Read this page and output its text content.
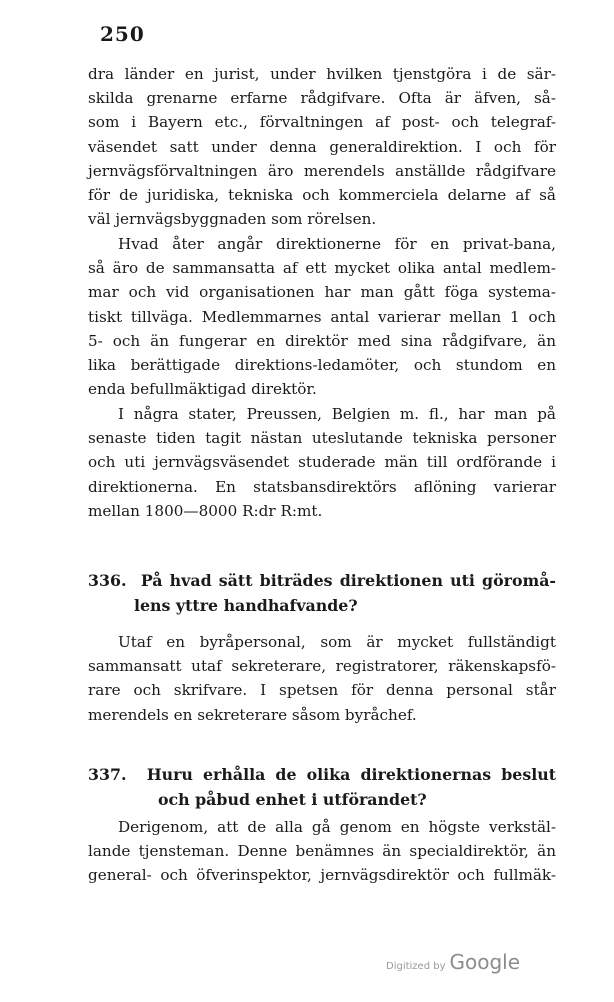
250
dra länder en jurist, under hvilken tjenstgöra i de sär-
skilda grenarne erfarne rådgifvare. Ofta är äfven, så-
som i Bayern etc., förvaltningen af post- och telegraf-
väsendet satt under denna generaldirektion. I och för
jernvägsförvaltningen äro merendels anställde rådgifvare
för de juridiska, tekniska och kommerciela delarne af så
väl jernvägsbyggnaden som rörelsen.
Hvad åter angår direktionerne för en privat-bana,
så äro de sammansatta af ett mycket olika antal medlem-
mar och vid organisationen har man gått föga systema-
tiskt tillväga. Medlemmarnes antal varierar mellan 1 och
5- och än fungerar en direktör med sina rådgifvare, än
lika berättigade direktions-ledamöter, och stundom en
enda befullmäktigad direktör.
I några stater, Preussen, Belgien m. fl., har man på
senaste tiden tagit nästan uteslutande tekniska personer
och uti jernvägsväsendet studerade män till ordförande i
direktionerna. En statsbansdirektörs aflöning varierar
mellan 1800—8000 R:dr R:mt.
336. På hvad sätt biträdes direktionen uti göromå-
lens yttre handhafvande?
Utaf en byråpersonal, som är mycket fullständigt
sammansatt utaf sekreterare, registratorer, räkenskapsfö-
rare och skrifvare. I spetsen för denna personal står
merendels en sekreterare såsom byråchef.
337. Huru erhålla de olika direktionernas beslut
och påbud enhet i utförandet?
Derigenom, att de alla gå genom en högste verkstäl-
lande tjensteman. Denne benämnes än specialdirektör, än
general- och öfverinspektor, jernvägsdirektör och fullmäk-
Digitized by Google
